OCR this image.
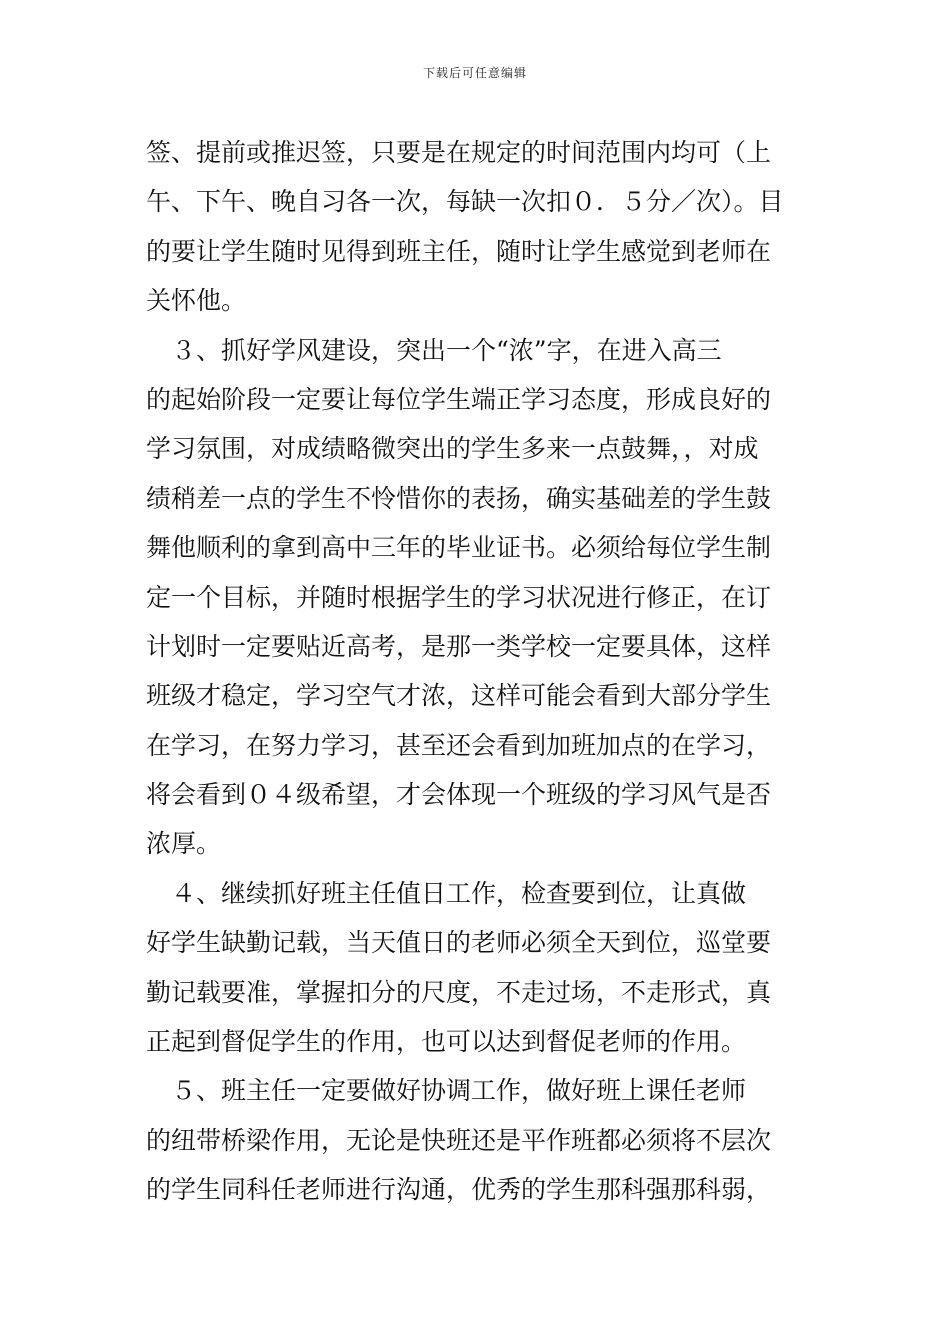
下载后可任意编辑
签、提前或推迟签，只要是在规定的时间范围内均可（上
午、下午、晚自习各一次，每缺一次扣０．５分／次）。目
的要让学生随时见得到班主任，随时让学生感觉到老师在
关怀他。
　３、抓好学风建设，突出一个“浓”字，在进入高三
的起始阶段一定要让每位学生端正学习态度，形成良好的
学习氛围，对成绩略微突出的学生多来一点鼓舞，，对成
绩稍差一点的学生不怜惜你的表扬，确实基础差的学生鼓
舞他顺利的拿到高中三年的毕业证书。必须给每位学生制
定一个目标，并随时根据学生的学习状况进行修正，在订
计划时一定要贴近高考，是那一类学校一定要具体，这样
班级才稳定，学习空气才浓，这样可能会看到大部分学生
在学习，在努力学习，甚至还会看到加班加点的在学习，
将会看到０４级希望，才会体现一个班级的学习风气是否
浓厚。
　４、继续抓好班主任值日工作，检查要到位，让真做
好学生缺勤记载，当天值日的老师必须全天到位，巡堂要
勤记载要准，掌握扣分的尺度，不走过场，不走形式，真
正起到督促学生的作用，也可以达到督促老师的作用。
　５、班主任一定要做好协调工作，做好班上课任老师
的纽带桥梁作用，无论是快班还是平作班都必须将不层次
的学生同科任老师进行沟通，优秀的学生那科强那科弱，
